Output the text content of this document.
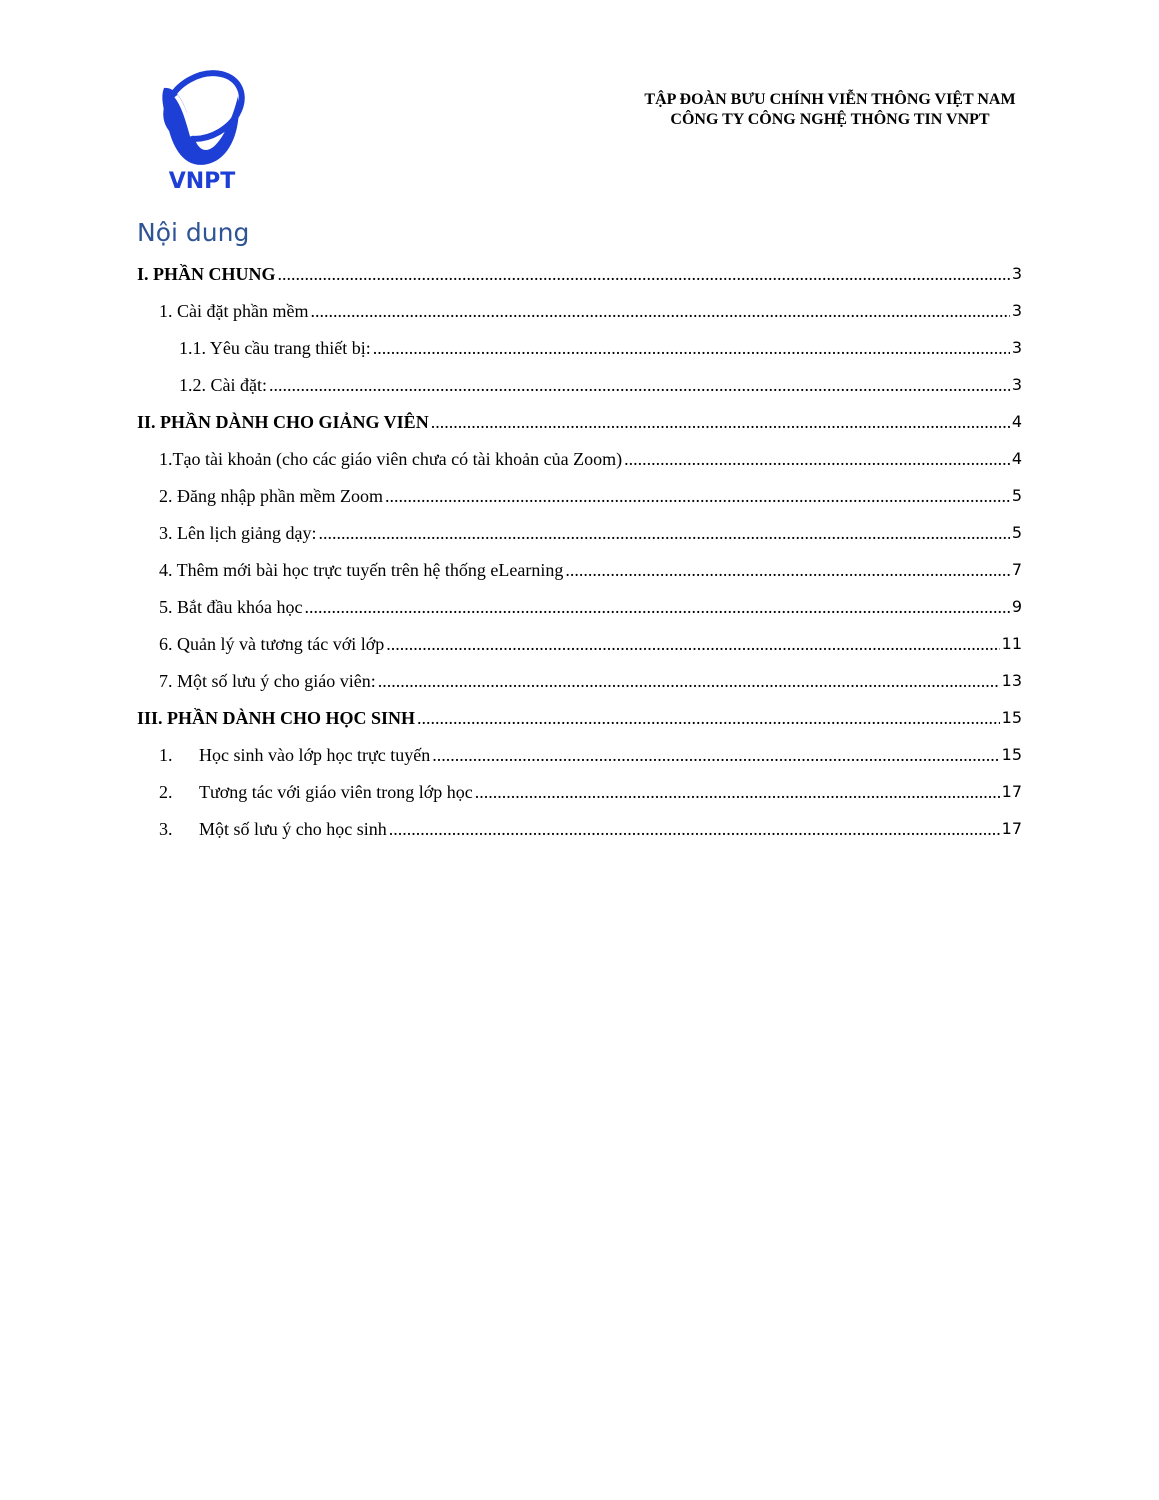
VNPT
TẬP ĐOÀN BƯU CHÍNH VIỄN THÔNG VIỆT NAM
CÔNG TY CÔNG NGHỆ THÔNG TIN VNPT
Nội dung
I. PHẦN CHUNG .....	3
1. Cài đặt phần mềm .....	3
1.1. Yêu cầu trang thiết bị: .....	3
1.2. Cài đặt: .....	3
II. PHẦN DÀNH CHO GIẢNG VIÊN .....	4
1.Tạo tài khoản (cho các giáo viên chưa có tài khoản của Zoom) .....	4
2. Đăng nhập phần mềm Zoom .....	5
3. Lên lịch giảng dạy: .....	5
4. Thêm mới bài học trực tuyến trên hệ thống eLearning .....	7
5. Bắt đầu khóa học .....	9
6. Quản lý và tương tác với lớp .....	11
7. Một số lưu ý cho giáo viên: .....	13
III. PHẦN DÀNH CHO HỌC SINH .....	15
1. Học sinh vào lớp học trực tuyến .....	15
2. Tương tác với giáo viên trong lớp học .....	17
3. Một số lưu ý cho học sinh .....	17
